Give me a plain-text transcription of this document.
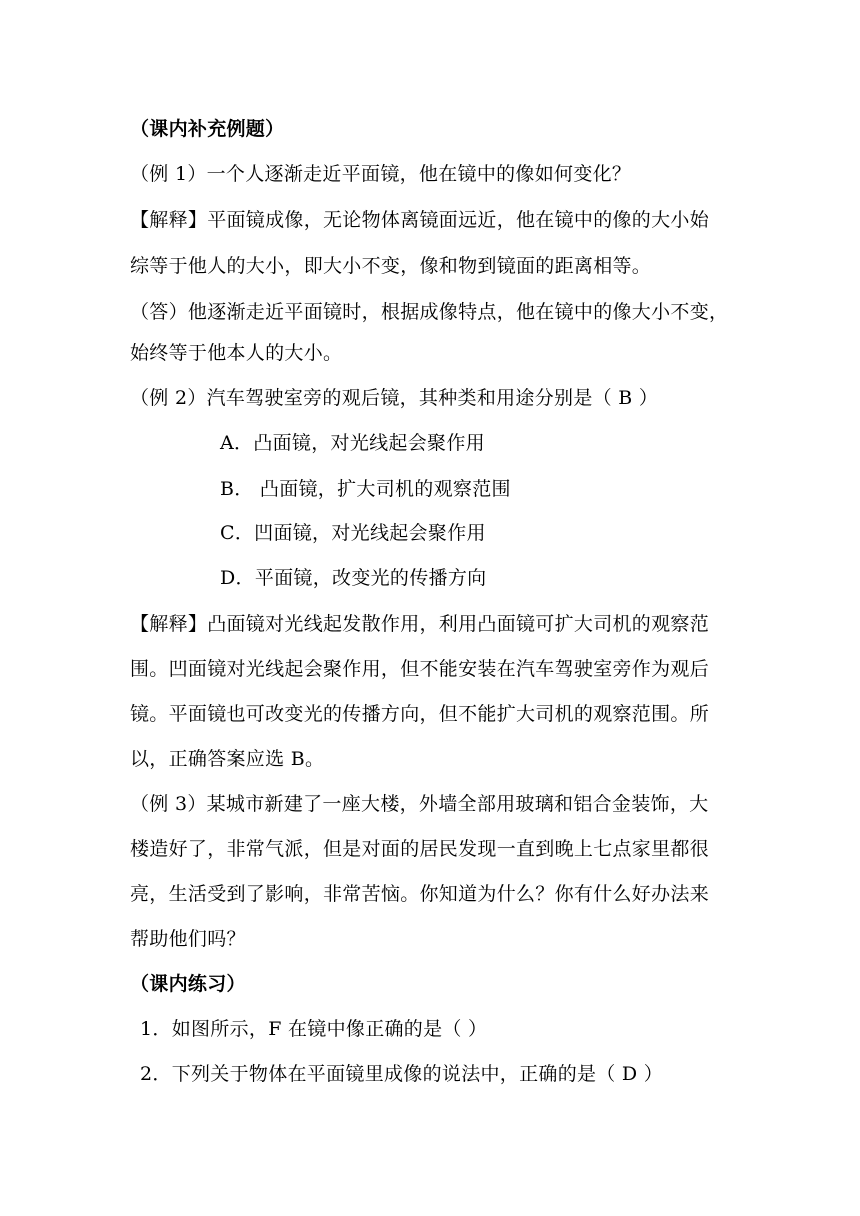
（课内补充例题）
（例 1）一个人逐渐走近平面镜，他在镜中的像如何变化？
【解释】平面镜成像，无论物体离镜面远近，他在镜中的像的大小始
综等于他人的大小，即大小不变，像和物到镜面的距离相等。
（答）他逐渐走近平面镜时，根据成像特点，他在镜中的像大小不变，
始终等于他本人的大小。
（例 2）汽车驾驶室旁的观后镜，其种类和用途分别是（ B ）
A．凸面镜，对光线起会聚作用
B． 凸面镜，扩大司机的观察范围
C．凹面镜，对光线起会聚作用
D．平面镜，改变光的传播方向
【解释】凸面镜对光线起发散作用，利用凸面镜可扩大司机的观察范
围。凹面镜对光线起会聚作用，但不能安装在汽车驾驶室旁作为观后
镜。平面镜也可改变光的传播方向，但不能扩大司机的观察范围。所
以，正确答案应选 B。
（例 3）某城市新建了一座大楼，外墙全部用玻璃和铝合金装饰，大
楼造好了，非常气派，但是对面的居民发现一直到晚上七点家里都很
亮，生活受到了影响，非常苦恼。你知道为什么？你有什么好办法来
帮助他们吗？
（课内练习）
1．如图所示，F 在镜中像正确的是（ ）
2．下列关于物体在平面镜里成像的说法中，正确的是（ D ）
